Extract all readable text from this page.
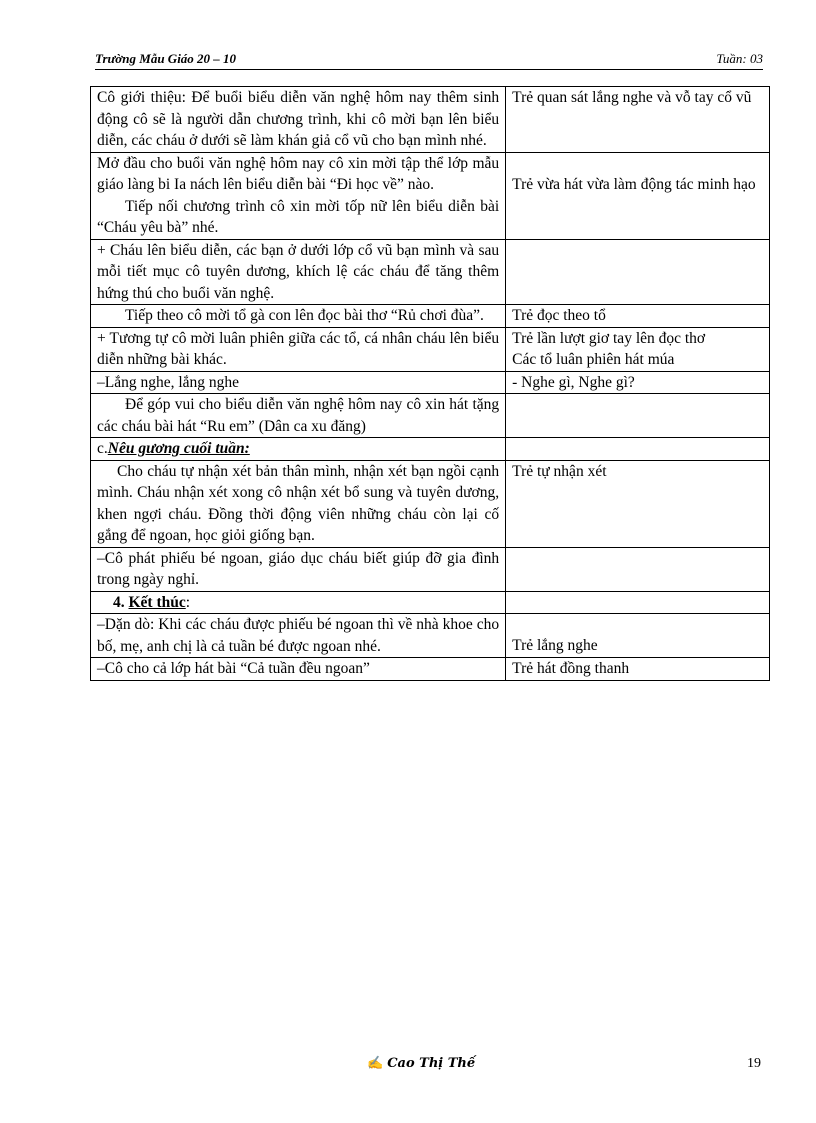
Trường Mẫu Giáo 20 – 10	Tuần: 03

Cô giới thiệu: Để buổi biểu diễn văn nghệ hôm nay thêm sinh động cô sẽ là người dẫn chương trình, khi cô mời bạn lên biểu diễn, các cháu ở dưới sẽ làm khán giả cổ vũ cho bạn mình nhé.	Trẻ quan sát lắng nghe và vỗ tay cổ vũ

Mở đầu cho buổi văn nghệ hôm nay cô xin mời tập thể lớp mẫu giáo làng bi Ia nách lên biểu diễn bài “Đi học về” nào.

Tiếp nối chương trình cô xin mời tốp nữ lên biểu diễn bài “Cháu yêu bà” nhé.	Trẻ vừa hát vừa làm động tác minh hạo

+ Cháu lên biểu diễn, các bạn ở dưới lớp cổ vũ bạn mình và sau mỗi tiết mục cô tuyên dương, khích lệ các cháu để tăng thêm hứng thú cho buổi văn nghệ.	

Tiếp theo cô mời tổ gà con lên đọc bài thơ “Rủ chơi đùa”.	Trẻ đọc theo tổ

+ Tương tự cô mời luân phiên giữa các tổ, cá nhân cháu lên biểu diễn những bài khác.	Trẻ lần lượt giơ tay lên đọc thơ

Các tổ luân phiên hát múa

–Lắng nghe, lắng nghe	- Nghe gì, Nghe gì?

Để góp vui cho biểu diễn văn nghệ hôm nay cô xin hát tặng các cháu bài hát “Ru em” (Dân ca xu đăng)	

c.Nêu gương cuối tuần:	

Cho cháu tự nhận xét bản thân mình, nhận xét bạn ngồi cạnh mình. Cháu nhận xét xong cô nhận xét bổ sung và tuyên dương, khen ngợi cháu. Đồng thời động viên những cháu còn lại cố gắng để ngoan, học giỏi giống bạn.	Trẻ tự nhận xét

–Cô phát phiếu bé ngoan, giáo dục cháu biết giúp đỡ gia đình trong ngày nghỉ.	

4. Kết thúc:	

–Dặn dò: Khi các cháu được phiếu bé ngoan thì về nhà khoe cho bố, mẹ, anh chị là cả tuần bé được ngoan nhé.	Trẻ lắng nghe

–Cô cho cả lớp hát bài “Cả tuần đều ngoan”	Trẻ hát đồng thanh

✍ Cao Thị Thế	19
